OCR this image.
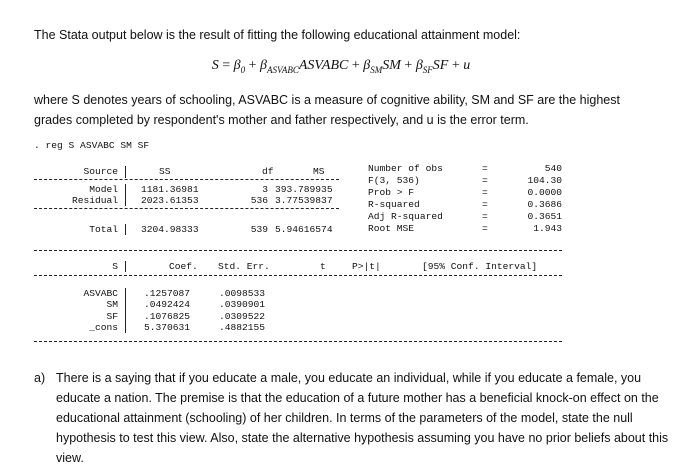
The Stata output below is the result of fitting the following educational attainment model:
$S = \beta_0$ + $\beta_{ASVABC}ASVABC + \beta_{SM}SM + \beta_{SF}SF + u$
where S denotes years of schooling, ASVABC is a measure of cognitive ability, SM and SF are the highest grades completed by respondent's mother and father respectively, and u is the error term.
. reg S ASVABC SM SF
Source	SS	df	MS
Model 1181.36981	3 393.789935
Residual 2023.61353	536 3.77539837
Total 3204.98333	539 5.94616574
Number of obs	=	540
F(3, 536)	=	104.30
Prob > F	=	0.0000
R-squared	=	0.3686
Adj R-squared	=	0.3651
Root MSE	=	1.943
S	Coef. Std. Err.	t	P>|t|	[95% Conf. Interval]
ASVABC	.1257087	.0098533
SM	.0492424	.0390901
SF	.1076825	.0309522
_cons	5.370631	.4882155
a) There is a saying that if you educate a male, you educate an individual, while if you educate a female, you educate a nation. The premise is that the education of a future mother has a beneficial knock-on effect on the educational attainment (schooling) of her children. In terms of the parameters of the model, state the null hypothesis to test this view. Also, state the alternative hypothesis assuming you have no prior beliefs about this view.
